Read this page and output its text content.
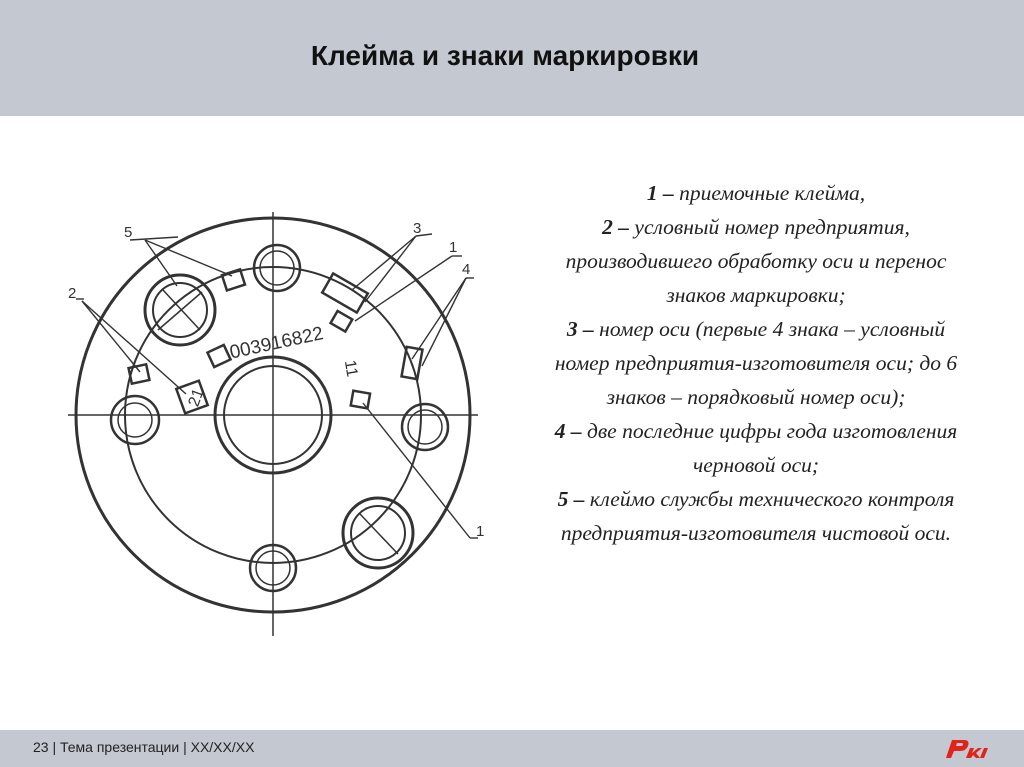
Клейма и знаки маркировки
5	3
1
4
2
1
003916822
21
11

1 – приемочные клейма,

2 – условный номер предприятия, производившего обработку оси и перенос знаков маркировки;

3 – номер оси (первые 4 знака – условный номер предприятия-изготовителя оси; до 6 знаков – порядковый номер оси);

4 – две последние цифры года изготовления черновой оси;

5 – клеймо службы технического контроля предприятия-изготовителя чистовой оси.

23 | Тема презентации | XX/XX/XX
